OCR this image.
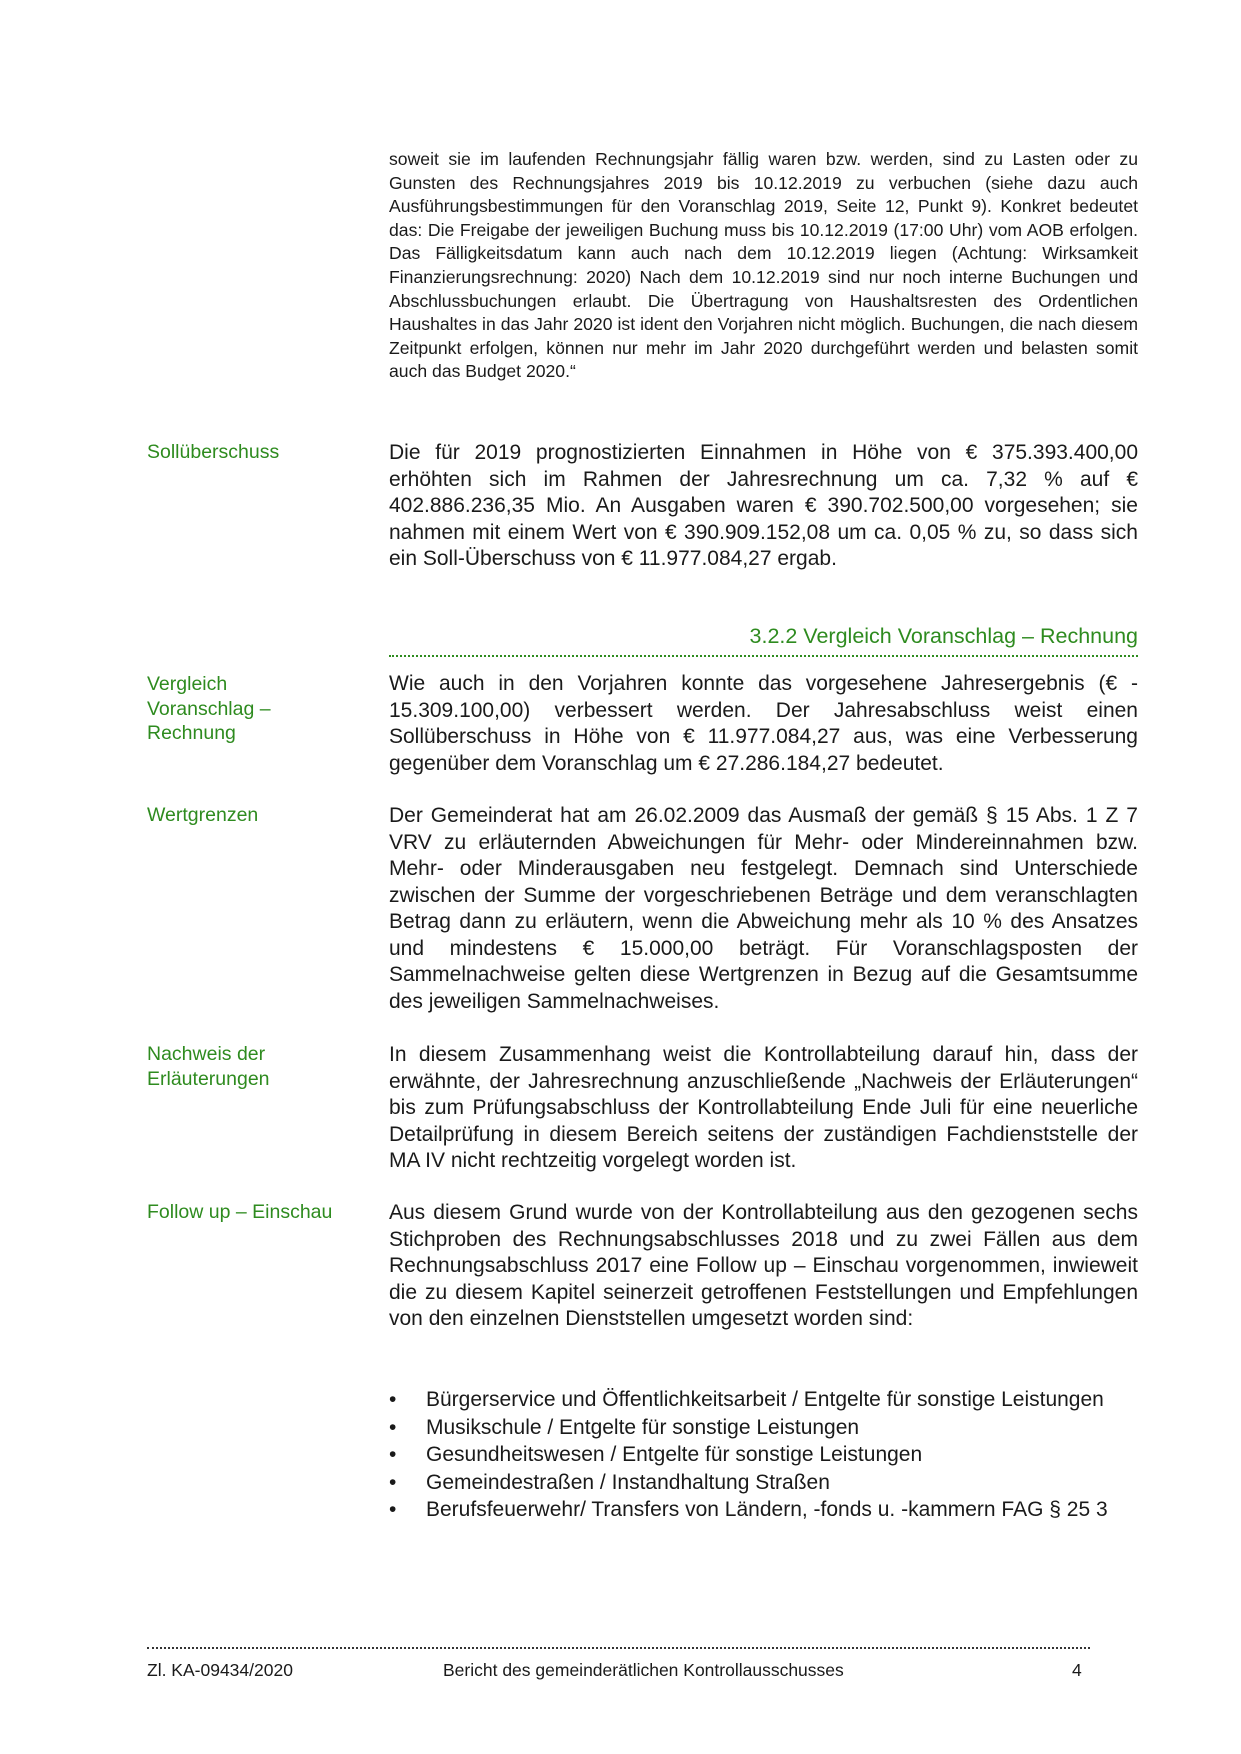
soweit sie im laufenden Rechnungsjahr fällig waren bzw. werden, sind zu Lasten oder zu Gunsten des Rechnungsjahres 2019 bis 10.12.2019 zu verbuchen (siehe dazu auch Ausführungsbestimmungen für den Voranschlag 2019, Seite 12, Punkt 9). Konkret bedeutet das: Die Freigabe der jeweiligen Buchung muss bis 10.12.2019 (17:00 Uhr) vom AOB erfolgen. Das Fälligkeitsdatum kann auch nach dem 10.12.2019 liegen (Achtung: Wirksamkeit Finanzierungsrechnung: 2020) Nach dem 10.12.2019 sind nur noch interne Buchungen und Abschlussbuchungen erlaubt. Die Übertragung von Haushaltsresten des Ordentlichen Haushaltes in das Jahr 2020 ist ident den Vorjahren nicht möglich. Buchungen, die nach diesem Zeitpunkt erfolgen, können nur mehr im Jahr 2020 durchgeführt werden und belasten somit auch das Budget 2020.“

Sollüberschuss	Die für 2019 prognostizierten Einnahmen in Höhe von € 375.393.400,00 erhöhten sich im Rahmen der Jahresrechnung um ca. 7,32 % auf € 402.886.236,35 Mio. An Ausgaben waren € 390.702.500,00 vorgesehen; sie nahmen mit einem Wert von € 390.909.152,08 um ca. 0,05 % zu, so dass sich ein Soll-Überschuss von € 11.977.084,27 ergab.

3.2.2 Vergleich Voranschlag – Rechnung
Vergleich Voranschlag – Rechnung

Wie auch in den Vorjahren konnte das vorgesehene Jahresergebnis (€ - 15.309.100,00) verbessert werden. Der Jahresabschluss weist einen Sollüberschuss in Höhe von € 11.977.084,27 aus, was eine Verbesserung gegenüber dem Voranschlag um € 27.286.184,27 bedeutet.

Wertgrenzen	Der Gemeinderat hat am 26.02.2009 das Ausmaß der gemäß § 15 Abs. 1 Z 7 VRV zu erläuternden Abweichungen für Mehr- oder Mindereinnahmen bzw. Mehr- oder Minderausgaben neu festgelegt. Demnach sind Unterschiede zwischen der Summe der vorgeschriebenen Beträge und dem veranschlagten Betrag dann zu erläutern, wenn die Abweichung mehr als 10 % des Ansatzes und mindestens € 15.000,00 beträgt. Für Voranschlagsposten der Sammelnachweise gelten diese Wertgrenzen in Bezug auf die Gesamtsumme des jeweiligen Sammelnachweises.

Nachweis der Erläuterungen

In diesem Zusammenhang weist die Kontrollabteilung darauf hin, dass der erwähnte, der Jahresrechnung anzuschließende „Nachweis der Erläuterungen“ bis zum Prüfungsabschluss der Kontrollabteilung Ende Juli für eine neuerliche Detailprüfung in diesem Bereich seitens der zuständigen Fachdienststelle der MA IV nicht rechtzeitig vorgelegt worden ist.

Follow up – Einschau	Aus diesem Grund wurde von der Kontrollabteilung aus den gezogenen sechs Stichproben des Rechnungsabschlusses 2018 und zu zwei Fällen aus dem Rechnungsabschluss 2017 eine Follow up – Einschau vorgenommen, inwieweit die zu diesem Kapitel seinerzeit getroffenen Feststellungen und Empfehlungen von den einzelnen Dienststellen umgesetzt worden sind:

•	Bürgerservice und Öffentlichkeitsarbeit / Entgelte für sonstige Leistungen
•	Musikschule / Entgelte für sonstige Leistungen
•	Gesundheitswesen / Entgelte für sonstige Leistungen
•	Gemeindestraßen / Instandhaltung Straßen
•	Berufsfeuerwehr/ Transfers von Ländern, -fonds u. -kammern FAG § 25 3
Zl. KA-09434/2020	Bericht des gemeinderätlichen Kontrollausschusses	4
